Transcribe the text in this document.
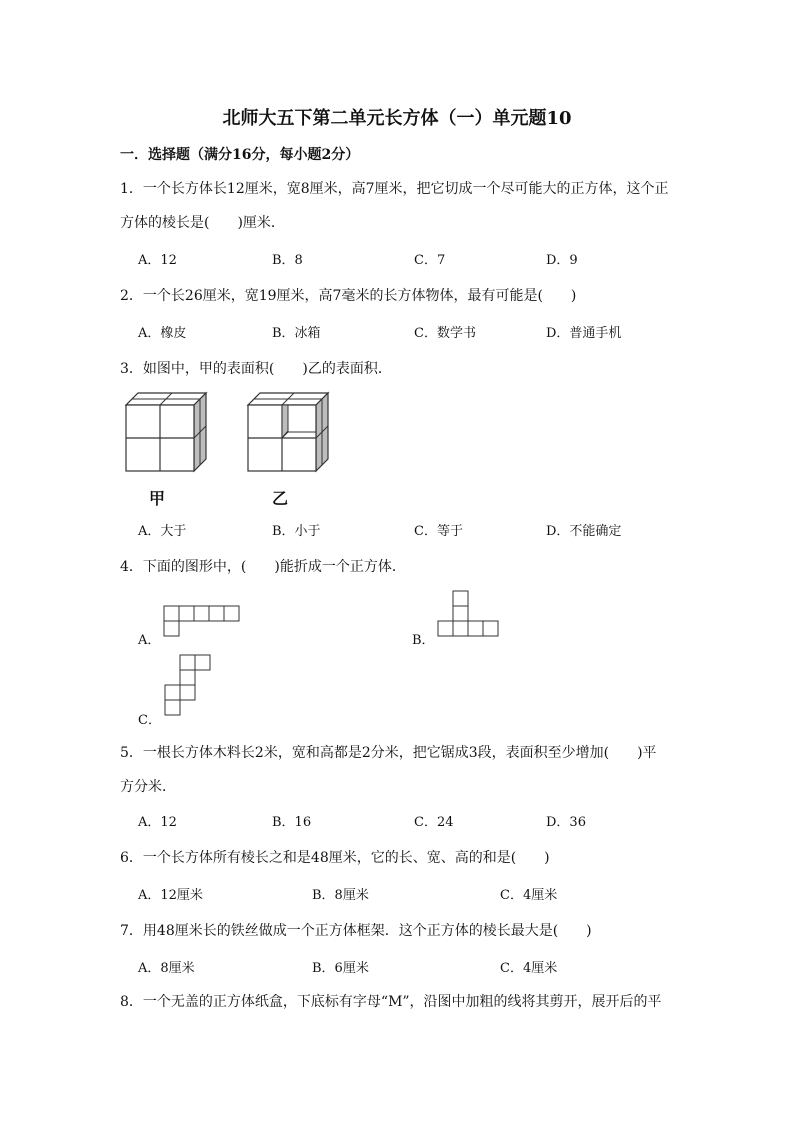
北师大五下第二单元长方体（一）单元题10
一．选择题（满分16分，每小题2分）
1．一个长方体长12厘米，宽8厘米，高7厘米，把它切成一个尽可能大的正方体，这个正
方体的棱长是(　　)厘米．
A．12	B．8	C．7	D．9
2．一个长26厘米，宽19厘米，高7毫米的长方体物体，最有可能是(　　)
A．橡皮	B．冰箱	C．数学书	D．普通手机
3．如图中，甲的表面积(　　)乙的表面积．
甲	乙
A．大于	B．小于	C．等于	D．不能确定
4．下面的图形中，(　　)能折成一个正方体．
A．	B．
C．
5．一根长方体木料长2米，宽和高都是2分米，把它锯成3段，表面积至少增加(　　)平
方分米．
A．12	B．16	C．24	D．36
6．一个长方体所有棱长之和是48厘米，它的长、宽、高的和是(　　)
A．12厘米	B．8厘米	C．4厘米
7．用48厘米长的铁丝做成一个正方体框架．这个正方体的棱长最大是(　　)
A．8厘米	B．6厘米	C．4厘米
8．一个无盖的正方体纸盒，下底标有字母“M”，沿图中加粗的线将其剪开，展开后的平
